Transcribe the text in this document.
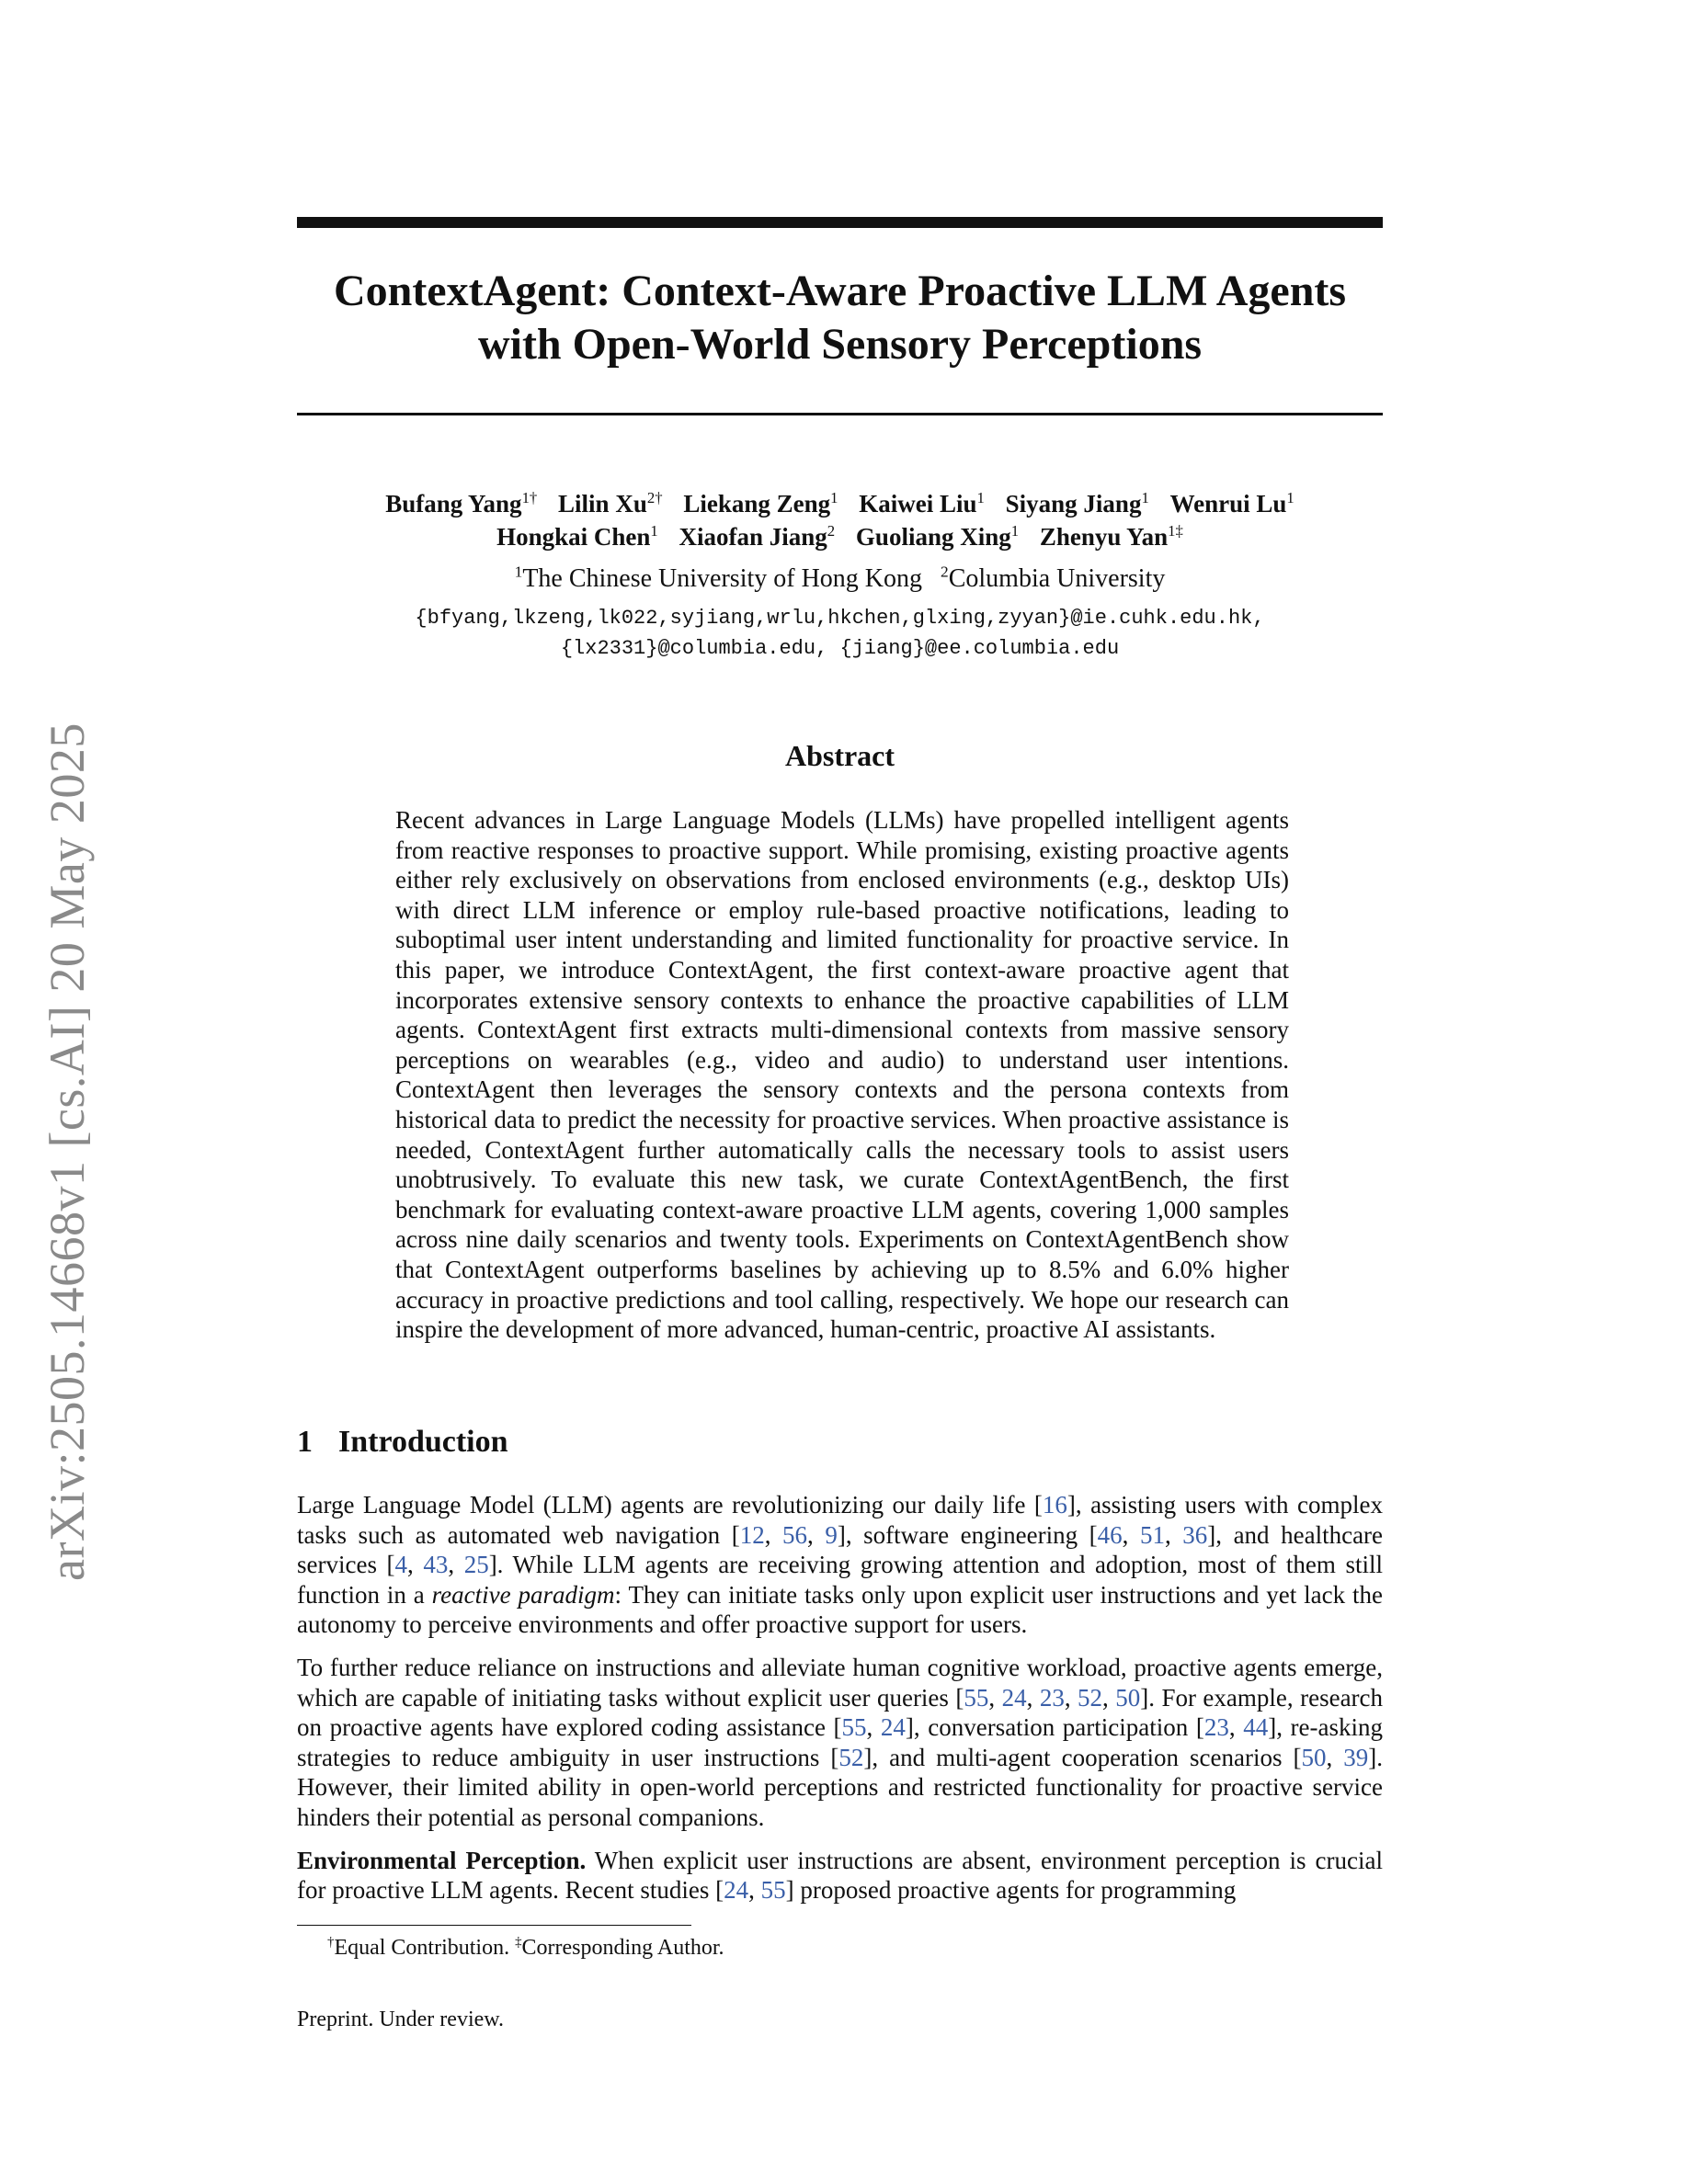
arXiv:2505.14668v1 [cs.AI] 20 May 2025
ContextAgent: Context-Aware Proactive LLM Agents with Open-World Sensory Perceptions
Bufang Yang$^{1\dagger}$ Lilin $Xu^{2\dagger}$ Liekang Zeng$^1$ Kaiwei Liu$^1$ Siyang Jiang$^1$ Wenrui Lu$^1$
Hongkai Chen$^1$ Xiaofan Jiang$^2$ Guoliang Xing$^1$ Zhenyu Yan$^{1\ddagger}$
$^1$The Chinese University of Hong Kong $^2$Columbia University
{bfyang,lkzeng,lk022,syjiang,wrlu,hkchen,glxing,zyyan}@ie.cuhk.edu.hk,
{lx2331}@columbia.edu, {jiang}@ee.columbia.edu
Abstract
Recent advances in Large Language Models (LLMs) have propelled intelligent agents from reactive responses to proactive support. While promising, existing proactive agents either rely exclusively on observations from enclosed environments (e.g., desktop UIs) with direct LLM inference or employ rule-based proactive notifications, leading to suboptimal user intent understanding and limited functionality for proactive service. In this paper, we introduce ContextAgent, the first context-aware proactive agent that incorporates extensive sensory contexts to enhance the proactive capabilities of LLM agents. ContextAgent first extracts multi-dimensional contexts from massive sensory perceptions on wearables (e.g., video and audio) to understand user intentions. ContextAgent then leverages the sensory contexts and the persona contexts from historical data to predict the necessity for proactive services. When proactive assistance is needed, ContextAgent further automatically calls the necessary tools to assist users unobtrusively. To evaluate this new task, we curate ContextAgentBench, the first benchmark for evaluating context-aware proactive LLM agents, covering 1,000 samples across nine daily scenarios and twenty tools. Experiments on ContextAgentBench show that ContextAgent outperforms baselines by achieving up to 8.5% and 6.0% higher accuracy in proactive predictions and tool calling, respectively. We hope our research can inspire the development of more advanced, human-centric, proactive AI assistants.
1 Introduction

Large Language Model (LLM) agents are revolutionizing our daily life [16], assisting users with complex tasks such as automated web navigation [12, 56, 9], software engineering [46, 51, 36], and healthcare services [4, 43, 25]. While LLM agents are receiving growing attention and adoption, most of them still function in a reactive paradigm: They can initiate tasks only upon explicit user instructions and yet lack the autonomy to perceive environments and offer proactive support for users.

To further reduce reliance on instructions and alleviate human cognitive workload, proactive agents emerge, which are capable of initiating tasks without explicit user queries [55, 24, 23, 52, 50]. For example, research on proactive agents have explored coding assistance [55, 24], conversation participation [23, 44], re-asking strategies to reduce ambiguity in user instructions [52], and multi-agent cooperation scenarios [50, 39]. However, their limited ability in open-world perceptions and restricted functionality for proactive service hinders their potential as personal companions.

Environmental Perception. When explicit user instructions are absent, environment perception is crucial for proactive LLM agents. Recent studies [24, 55] proposed proactive agents for programming

†Equal Contribution. ‡Corresponding Author.
Preprint. Under review.
